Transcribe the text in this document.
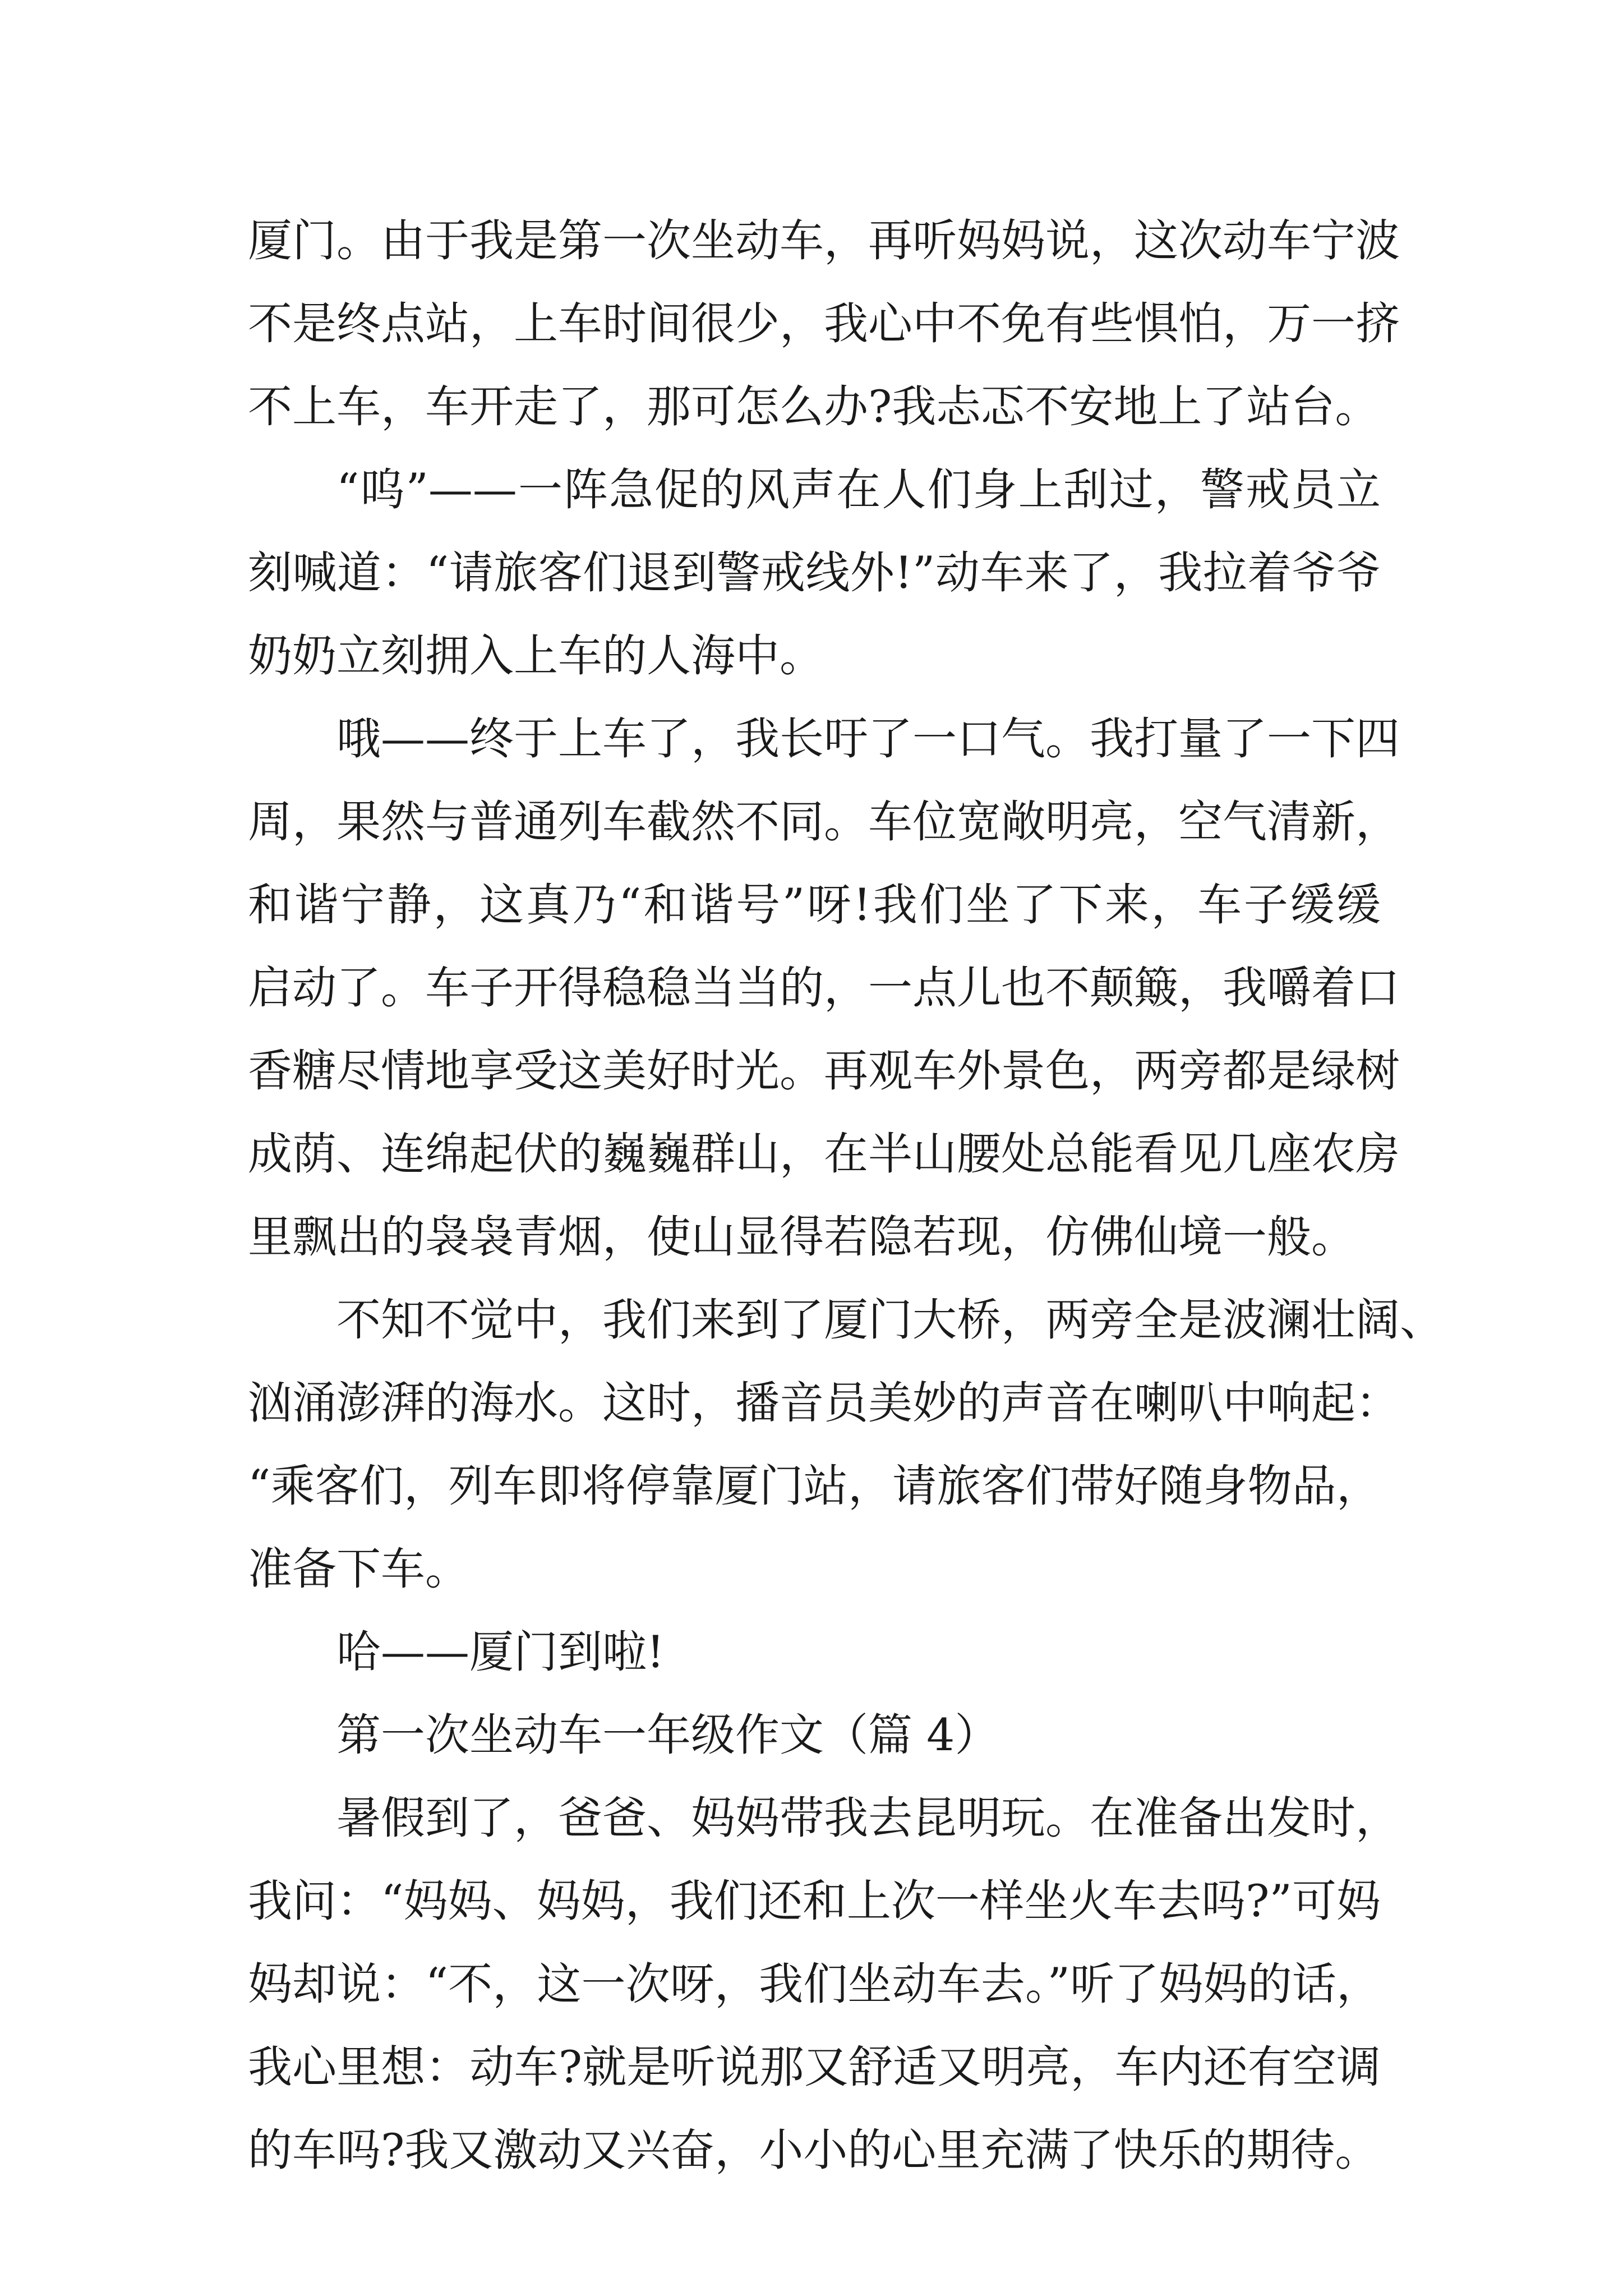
厦门。由于我是第一次坐动车，再听妈妈说，这次动车宁波
不是终点站，上车时间很少，我心中不免有些惧怕，万一挤
不上车，车开走了，那可怎么办?我忐忑不安地上了站台。
“呜”——一阵急促的风声在人们身上刮过，警戒员立
刻喊道：“请旅客们退到警戒线外!”动车来了，我拉着爷爷
奶奶立刻拥入上车的人海中。
哦——终于上车了，我长吁了一口气。我打量了一下四
周，果然与普通列车截然不同。车位宽敞明亮，空气清新，
和谐宁静，这真乃“和谐号”呀!我们坐了下来，车子缓缓
启动了。车子开得稳稳当当的，一点儿也不颠簸，我嚼着口
香糖尽情地享受这美好时光。再观车外景色，两旁都是绿树
成荫、连绵起伏的巍巍群山，在半山腰处总能看见几座农房
里飘出的袅袅青烟，使山显得若隐若现，仿佛仙境一般。
不知不觉中，我们来到了厦门大桥，两旁全是波澜壮阔、
汹涌澎湃的海水。这时，播音员美妙的声音在喇叭中响起：
“乘客们，列车即将停靠厦门站，请旅客们带好随身物品，
准备下车。
哈——厦门到啦!
第一次坐动车一年级作文（篇 4）
暑假到了，爸爸、妈妈带我去昆明玩。在准备出发时，
我问：“妈妈、妈妈，我们还和上次一样坐火车去吗?”可妈
妈却说：“不，这一次呀，我们坐动车去。”听了妈妈的话，
我心里想：动车?就是听说那又舒适又明亮，车内还有空调
的车吗?我又激动又兴奋，小小的心里充满了快乐的期待。
